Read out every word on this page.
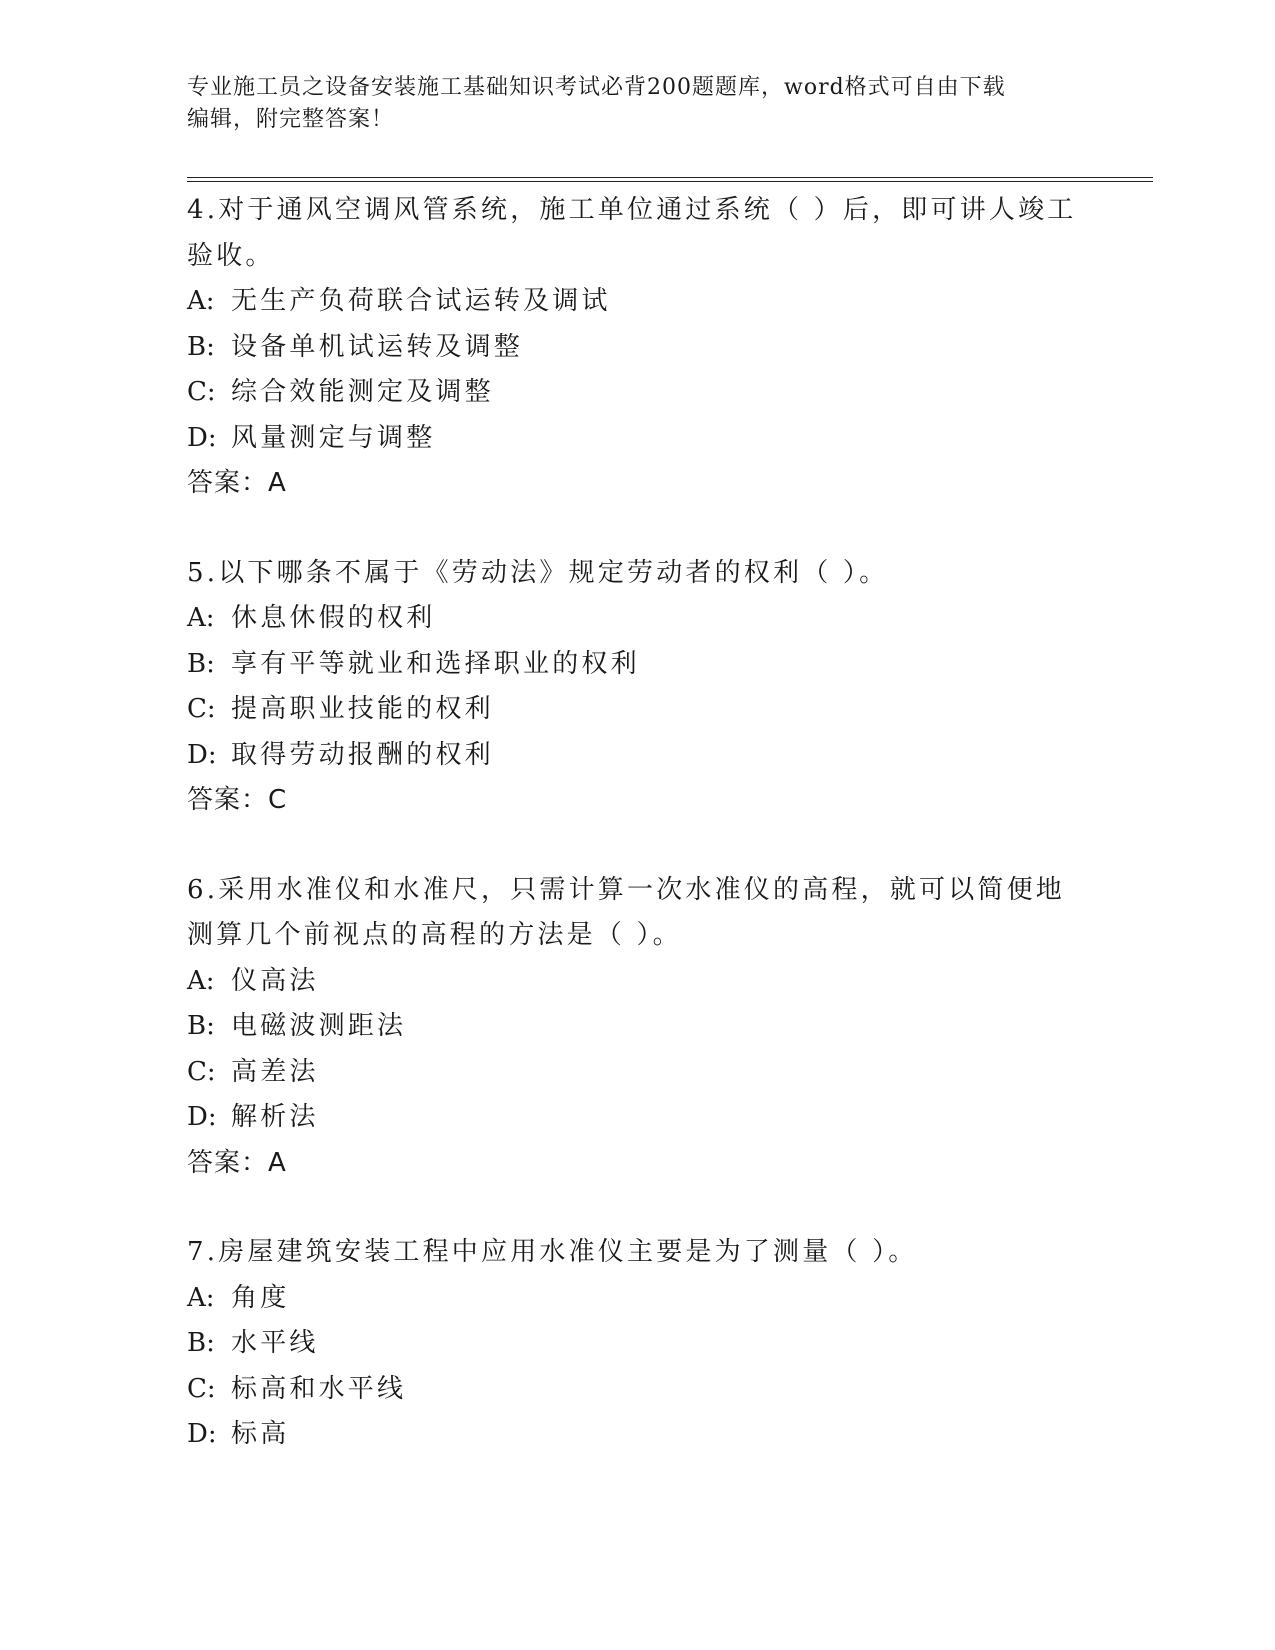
专业施工员之设备安装施工基础知识考试必背200题题库，word格式可自由下载
编辑，附完整答案！

4.对于通风空调风管系统，施工单位通过系统（ ）后，即可讲人竣工
验收。

A: 无生产负荷联合试运转及调试

B: 设备单机试运转及调整

C: 综合效能测定及调整

D: 风量测定与调整

答案：A

5.以下哪条不属于《劳动法》规定劳动者的权利（ ）。

A: 休息休假的权利

B: 享有平等就业和选择职业的权利

C: 提高职业技能的权利

D: 取得劳动报酬的权利

答案：C

6.采用水准仪和水准尺，只需计算一次水准仪的高程，就可以简便地
测算几个前视点的高程的方法是（ ）。

A: 仪高法

B: 电磁波测距法

C: 高差法

D: 解析法

答案：A

7.房屋建筑安装工程中应用水准仪主要是为了测量（ ）。

A: 角度

B: 水平线

C: 标高和水平线

D: 标高
